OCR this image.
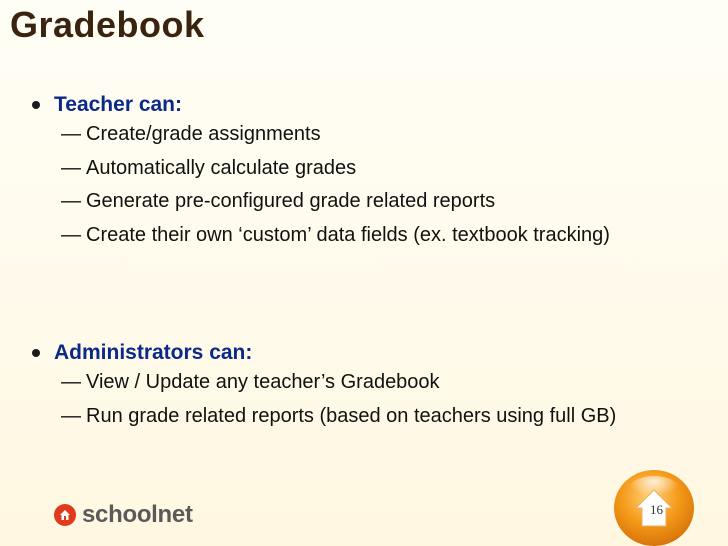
Gradebook
Teacher can:
— Create/grade assignments
— Automatically calculate grades
— Generate pre-configured grade related reports
— Create their own ‘custom’ data fields (ex. textbook tracking)
Administrators can:
— View / Update any teacher’s Gradebook
— Run grade related reports (based on teachers using full GB)
schoolnet	16
